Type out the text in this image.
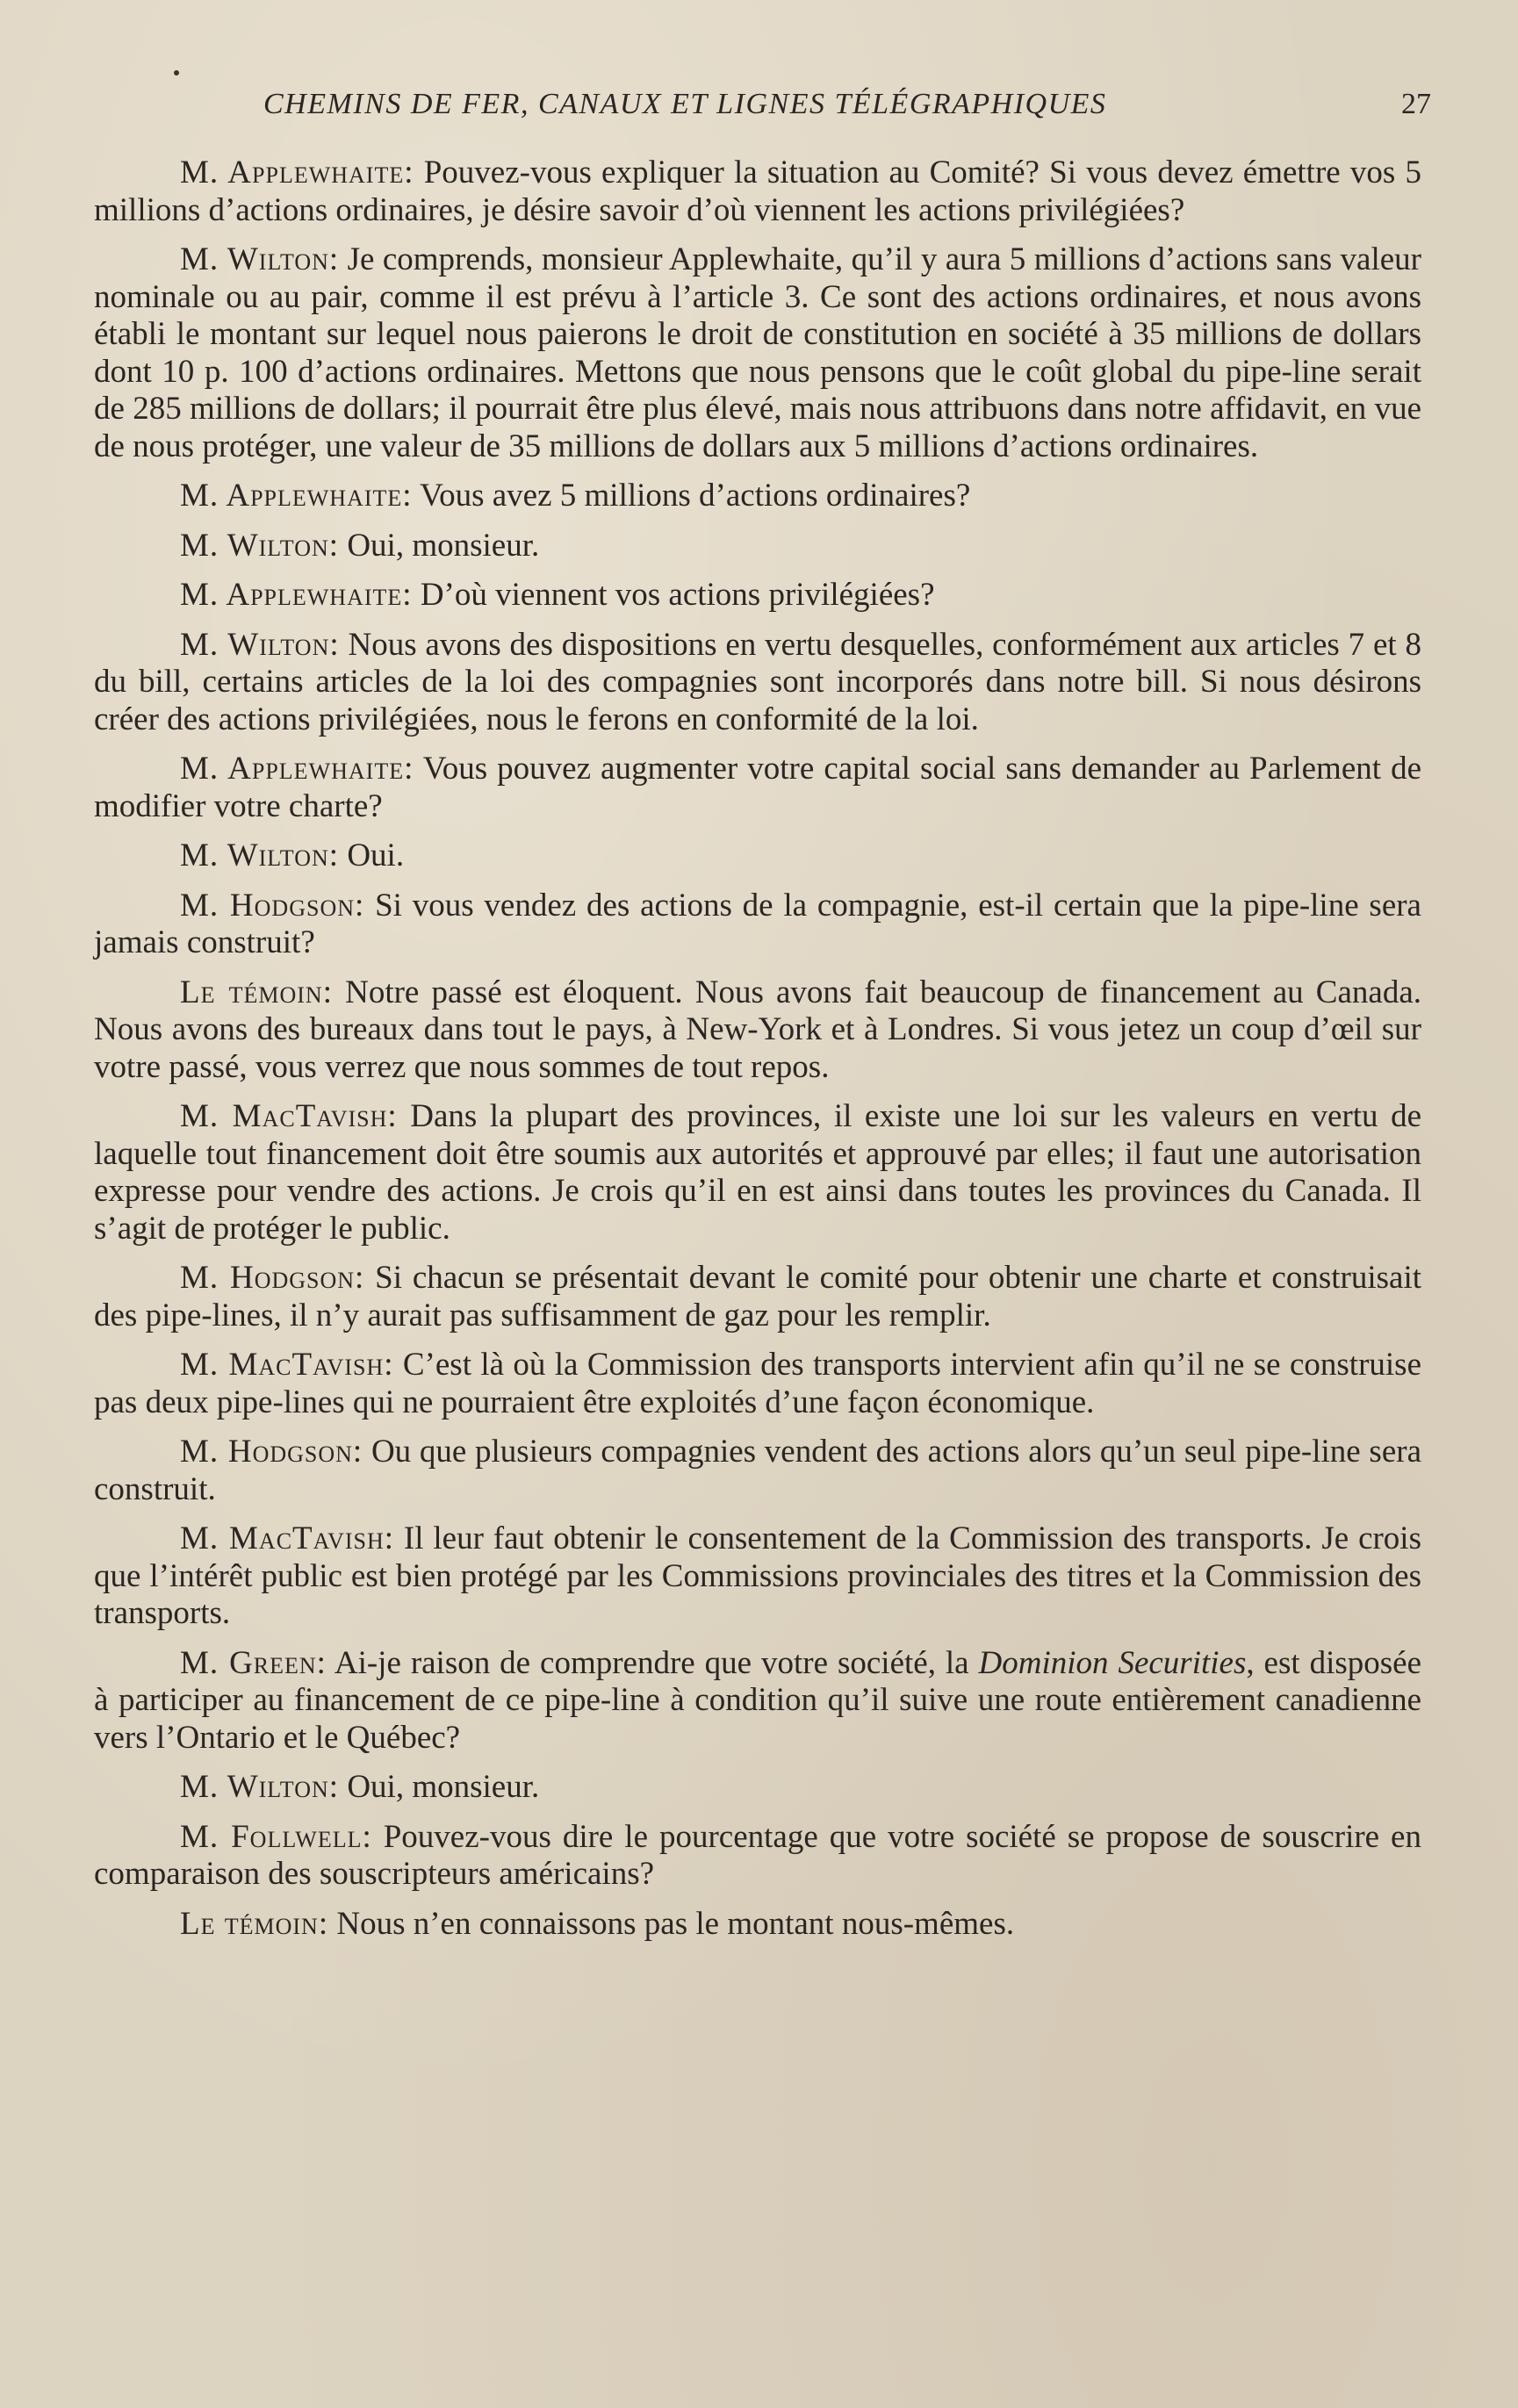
CHEMINS DE FER, CANAUX ET LIGNES TÉLÉGRAPHIQUES	27

M. Applewhaite: Pouvez-vous expliquer la situation au Comité? Si vous devez émettre vos 5 millions d’actions ordinaires, je désire savoir d’où viennent les actions privilégiées?

M. Wilton: Je comprends, monsieur Applewhaite, qu’il y aura 5 millions d’actions sans valeur nominale ou au pair, comme il est prévu à l’article 3. Ce sont des actions ordinaires, et nous avons établi le montant sur lequel nous paierons le droit de constitution en société à 35 millions de dollars dont 10 p. 100 d’actions ordinaires. Mettons que nous pensons que le coût global du pipe-line serait de 285 millions de dollars; il pourrait être plus élevé, mais nous attribuons dans notre affidavit, en vue de nous protéger, une valeur de 35 millions de dollars aux 5 millions d’actions ordinaires.

M. Applewhaite: Vous avez 5 millions d’actions ordinaires?

M. Wilton: Oui, monsieur.

M. Applewhaite: D’où viennent vos actions privilégiées?

M. Wilton: Nous avons des dispositions en vertu desquelles, conformément aux articles 7 et 8 du bill, certains articles de la loi des compagnies sont incorporés dans notre bill. Si nous désirons créer des actions privilégiées, nous le ferons en conformité de la loi.

M. Applewhaite: Vous pouvez augmenter votre capital social sans demander au Parlement de modifier votre charte?

M. Wilton: Oui.

M. Hodgson: Si vous vendez des actions de la compagnie, est-il certain que la pipe-line sera jamais construit?

Le témoin: Notre passé est éloquent. Nous avons fait beaucoup de financement au Canada. Nous avons des bureaux dans tout le pays, à New-York et à Londres. Si vous jetez un coup d’œil sur votre passé, vous verrez que nous sommes de tout repos.

M. MacTavish: Dans la plupart des provinces, il existe une loi sur les valeurs en vertu de laquelle tout financement doit être soumis aux autorités et approuvé par elles; il faut une autorisation expresse pour vendre des actions. Je crois qu’il en est ainsi dans toutes les provinces du Canada. Il s’agit de protéger le public.

M. Hodgson: Si chacun se présentait devant le comité pour obtenir une charte et construisait des pipe-lines, il n’y aurait pas suffisamment de gaz pour les remplir.

M. MacTavish: C’est là où la Commission des transports intervient afin qu’il ne se construise pas deux pipe-lines qui ne pourraient être exploités d’une façon économique.

M. Hodgson: Ou que plusieurs compagnies vendent des actions alors qu’un seul pipe-line sera construit.

M. MacTavish: Il leur faut obtenir le consentement de la Commission des transports. Je crois que l’intérêt public est bien protégé par les Commissions provinciales des titres et la Commission des transports.

M. Green: Ai-je raison de comprendre que votre société, la Dominion Securities, est disposée à participer au financement de ce pipe-line à condition qu’il suive une route entièrement canadienne vers l’Ontario et le Québec?

M. Wilton: Oui, monsieur.

M. Follwell: Pouvez-vous dire le pourcentage que votre société se propose de souscrire en comparaison des souscripteurs américains?

Le témoin: Nous n’en connaissons pas le montant nous-mêmes.
